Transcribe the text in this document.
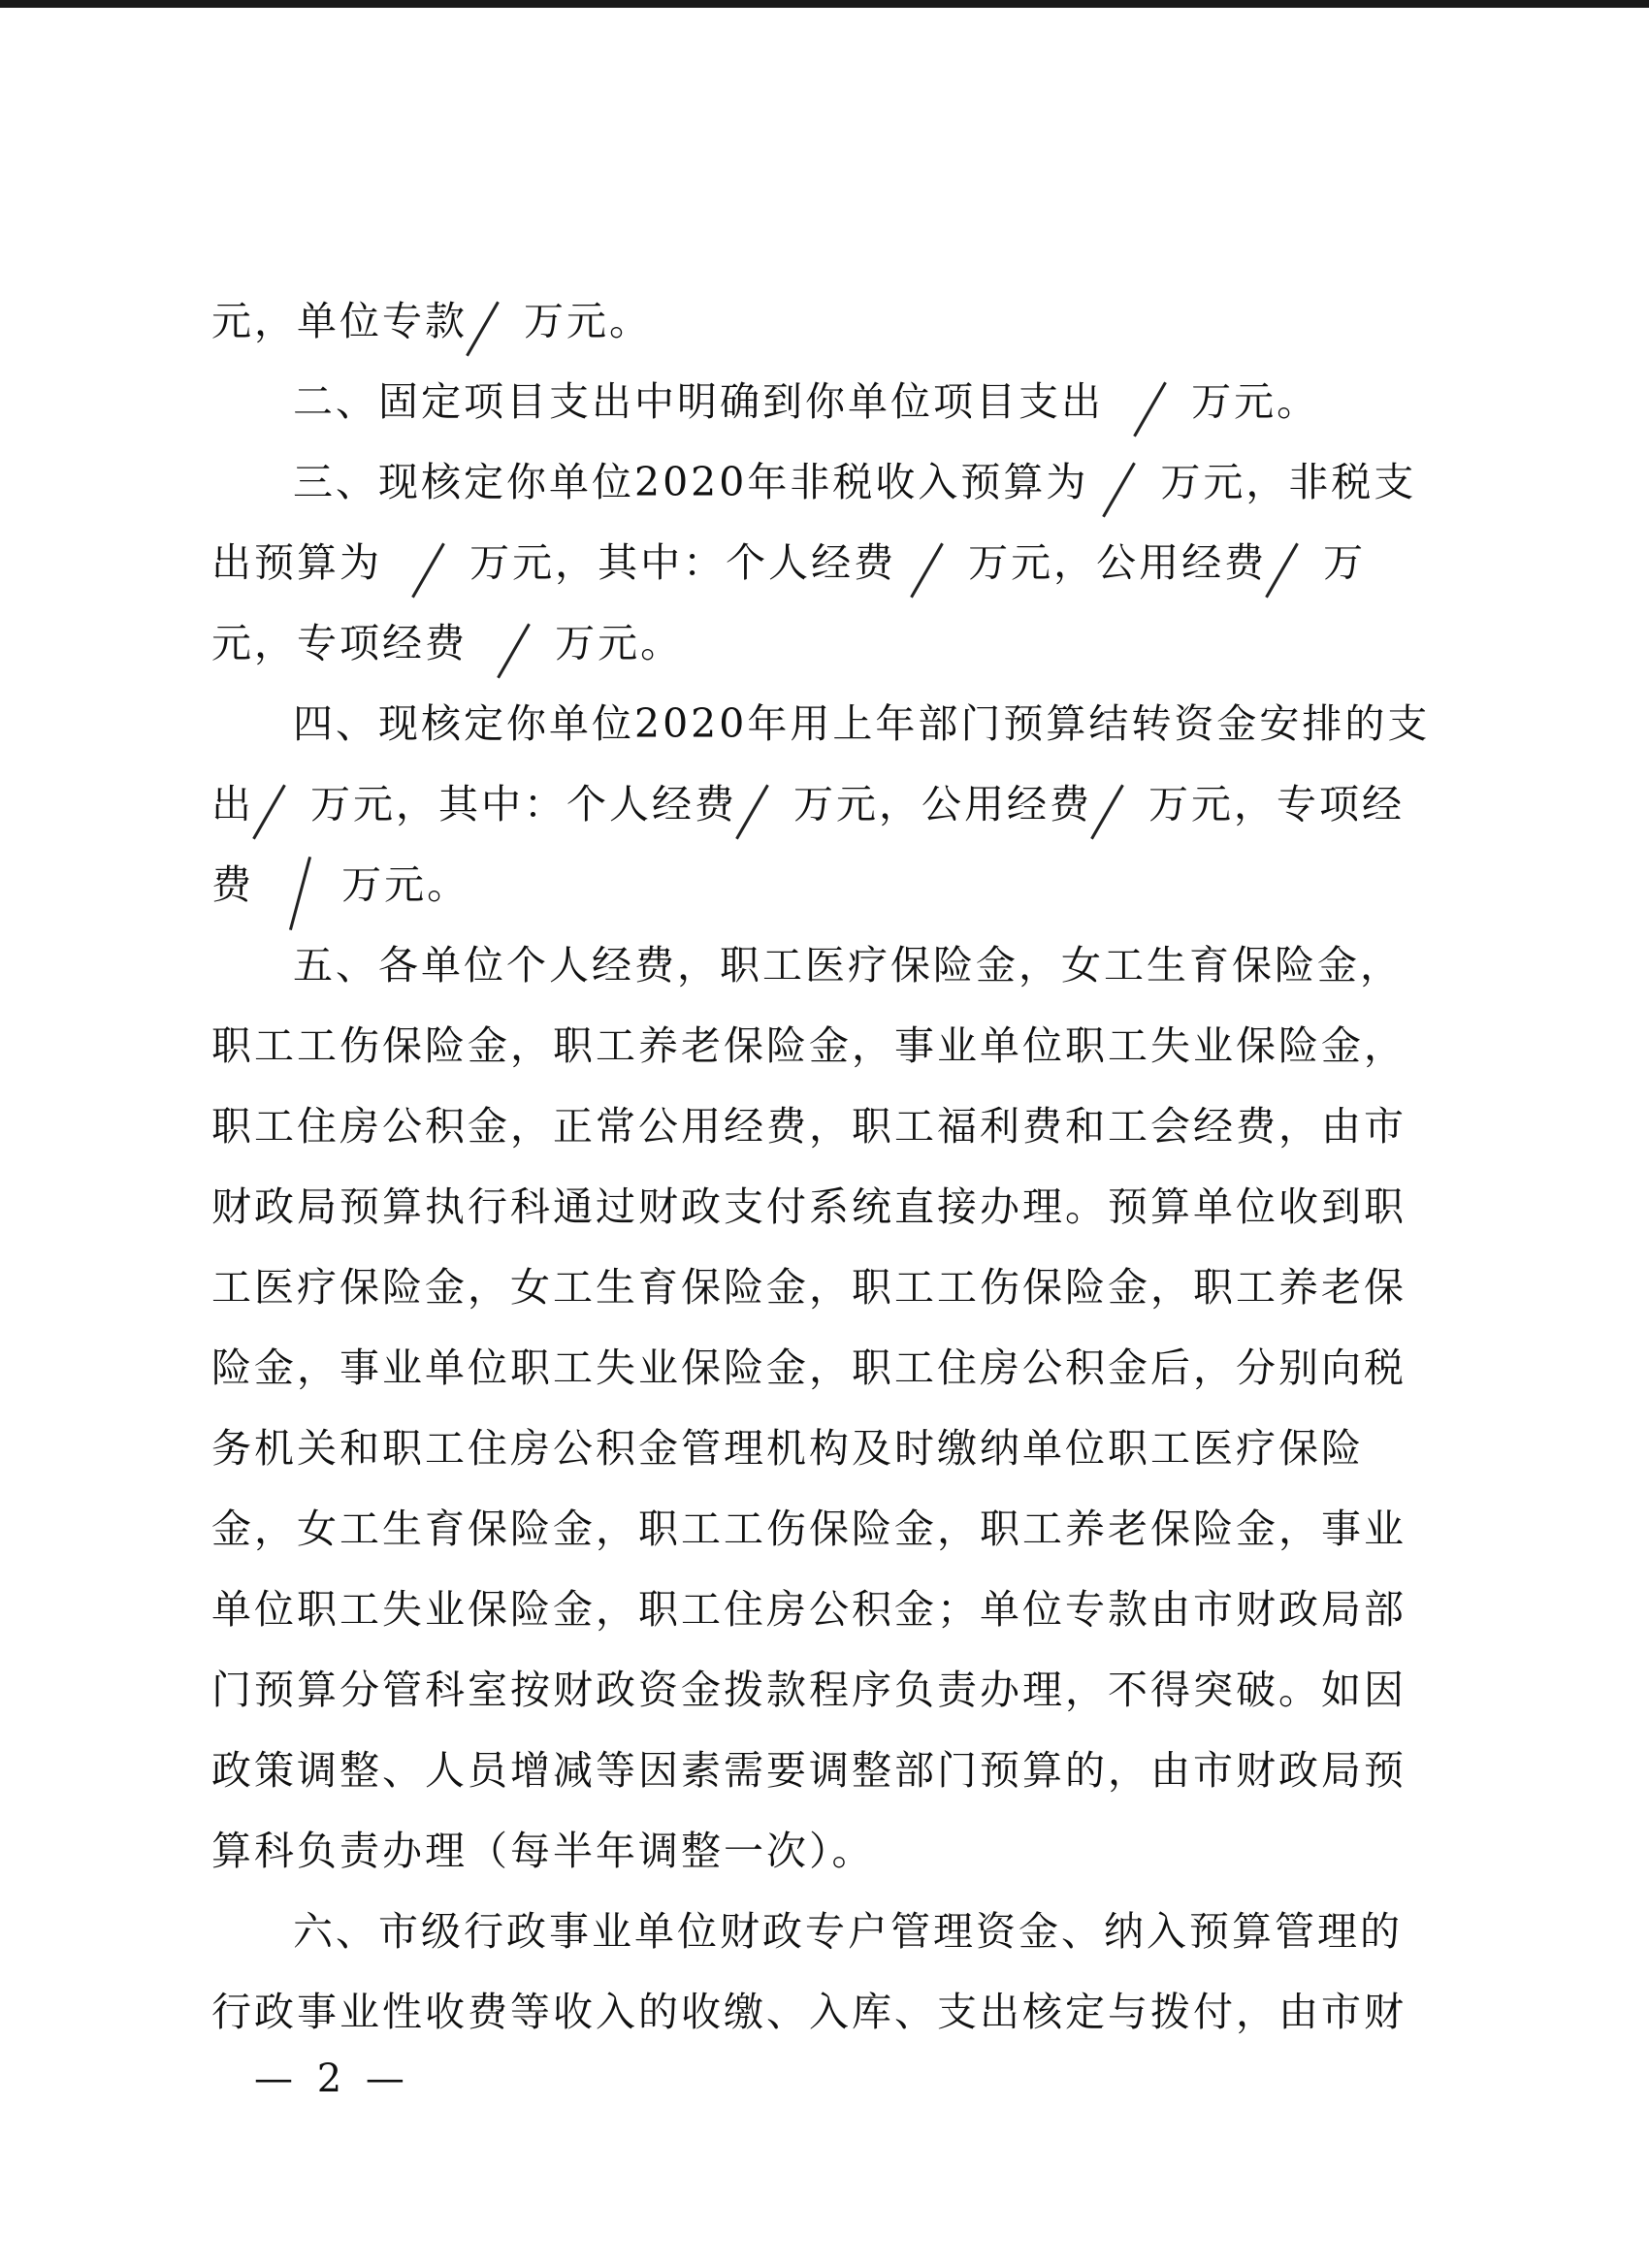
元，单位专款 万元。
二、固定项目支出中明确到你单位项目支出 万元。
三、现核定你单位2020年非税收入预算为 万元，非税支
出预算为 万元，其中：个人经费 万元，公用经费 万
元，专项经费 万元。
四、现核定你单位2020年用上年部门预算结转资金安排的支
出 万元，其中：个人经费 万元，公用经费 万元，专项经
费 万元。
五、各单位个人经费，职工医疗保险金，女工生育保险金，
职工工伤保险金，职工养老保险金，事业单位职工失业保险金，
职工住房公积金，正常公用经费，职工福利费和工会经费，由市
财政局预算执行科通过财政支付系统直接办理。预算单位收到职
工医疗保险金，女工生育保险金，职工工伤保险金，职工养老保
险金，事业单位职工失业保险金，职工住房公积金后，分别向税
务机关和职工住房公积金管理机构及时缴纳单位职工医疗保险
金，女工生育保险金，职工工伤保险金，职工养老保险金，事业
单位职工失业保险金，职工住房公积金；单位专款由市财政局部
门预算分管科室按财政资金拨款程序负责办理，不得突破。如因
政策调整、人员增减等因素需要调整部门预算的，由市财政局预
算科负责办理（每半年调整一次）。
六、市级行政事业单位财政专户管理资金、纳入预算管理的
行政事业性收费等收入的收缴、入库、支出核定与拨付，由市财
— 2 —
